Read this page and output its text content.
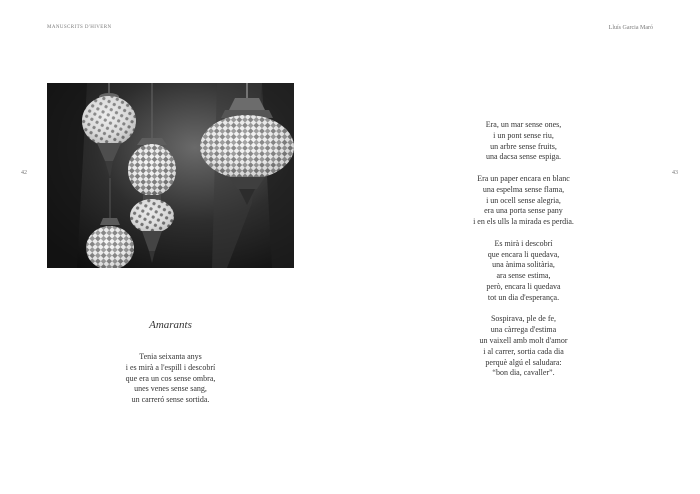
MANUSCRITS D'HIVERN
42
Amarants
Tenia seixanta anys
i es mirà a l'espill i descobrí
que era un cos sense ombra,
unes venes sense sang,
un carreró sense sortida.
Lluís Garcia Maró
43
Era, un mar sense ones,
i un pont sense riu,
un arbre sense fruits,
una dacsa sense espiga.
Era un paper encara en blanc
una espelma sense flama,
i un ocell sense alegria,
era una porta sense pany
i en els ulls la mirada es perdia.
Es mirà i descobrí
que encara li quedava,
una ànima solitària,
ara sense estima,
però, encara li quedava
tot un dia d'esperança.
Sospirava, ple de fe,
una càrrega d'estima
un vaixell amb molt d'amor
i al carrer, sortia cada dia
perquè algú el saludara:
“bon dia, cavaller”.
